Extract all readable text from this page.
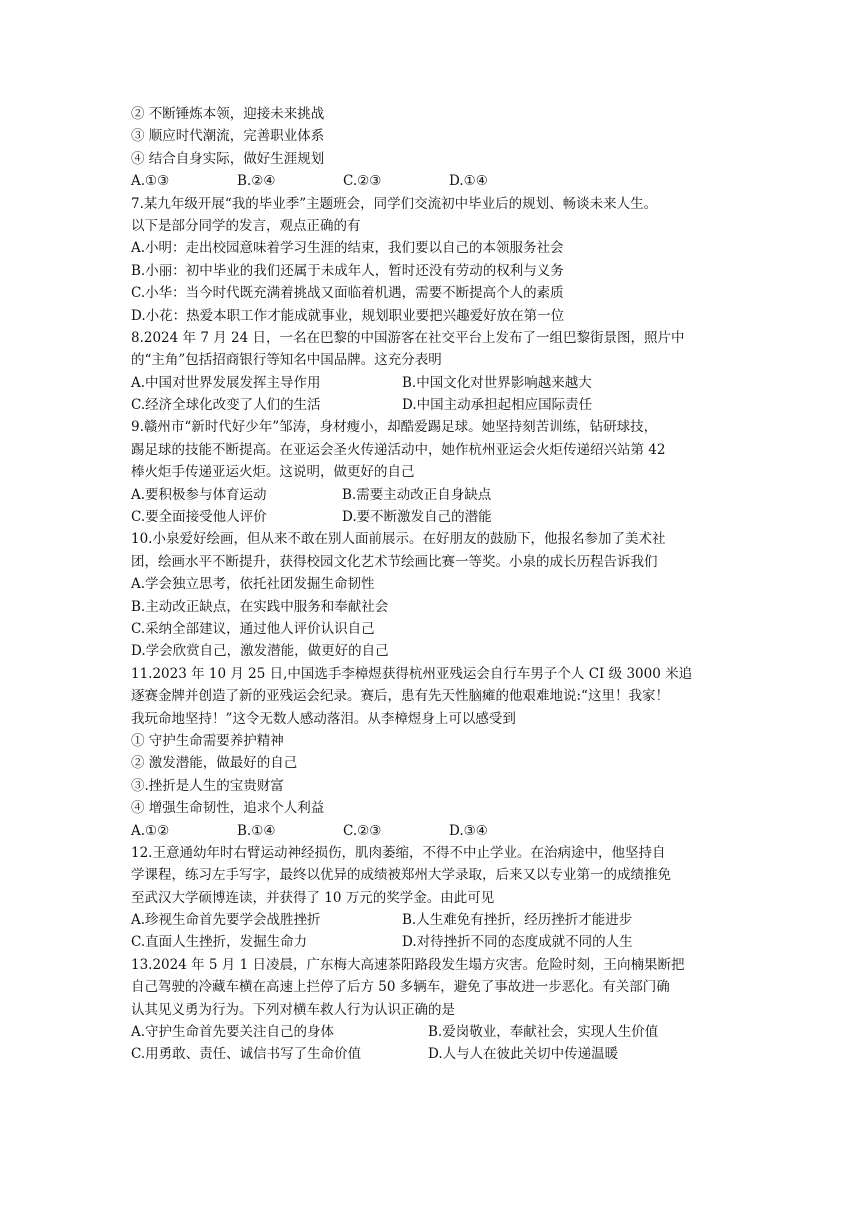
② 不断锤炼本领，迎接未来挑战
③ 顺应时代潮流，完善职业体系
④ 结合自身实际，做好生涯规划
A.①③	B.②④	C.②③	D.①④
7.某九年级开展“我的毕业季”主题班会，同学们交流初中毕业后的规划、畅谈未来人生。
以下是部分同学的发言，观点正确的有
A.小明：走出校园意味着学习生涯的结束，我们要以自己的本领服务社会
B.小丽：初中毕业的我们还属于未成年人，暂时还没有劳动的权利与义务
C.小华：当今时代既充满着挑战又面临着机遇，需要不断提高个人的素质
D.小花：热爱本职工作才能成就事业，规划职业要把兴趣爱好放在第一位
8.2024 年 7 月 24 日，一名在巴黎的中国游客在社交平台上发布了一组巴黎街景图，照片中
的“主角”包括招商银行等知名中国品牌。这充分表明
A.中国对世界发展发挥主导作用	B.中国文化对世界影响越来越大
C.经济全球化改变了人们的生活	D.中国主动承担起相应国际责任
9.赣州市“新时代好少年”邹涛，身材瘦小，却酷爱踢足球。她坚持刻苦训练，钻研球技，
踢足球的技能不断提高。在亚运会圣火传递活动中，她作杭州亚运会火炬传递绍兴站第 42
棒火炬手传递亚运火炬。这说明，做更好的自己
A.要积极参与体育运动	B.需要主动改正自身缺点
C.要全面接受他人评价	D.要不断激发自己的潜能
10.小泉爱好绘画，但从来不敢在别人面前展示。在好朋友的鼓励下，他报名参加了美术社
团，绘画水平不断提升，获得校园文化艺术节绘画比赛一等奖。小泉的成长历程告诉我们
A.学会独立思考，依托社团发掘生命韧性
B.主动改正缺点，在实践中服务和奉献社会
C.采纳全部建议，通过他人评价认识自己
D.学会欣赏自己，激发潜能，做更好的自己
11.2023 年 10 月 25 日,中国选手李樟煜获得杭州亚残运会自行车男子个人 CI 级 3000 米追
逐赛金牌并创造了新的亚残运会纪录。赛后，患有先天性脑瘫的他艰难地说:“这里！我家！
我玩命地坚持！”这令无数人感动落泪。从李樟煜身上可以感受到
① 守护生命需要养护精神
② 激发潜能，做最好的自己
③.挫折是人生的宝贵财富
④ 增强生命韧性，追求个人利益
A.①②	B.①④	C.②③	D.③④
12.王意通幼年时右臂运动神经损伤，肌肉萎缩，不得不中止学业。在治病途中，他坚持自
学课程，练习左手写字，最终以优异的成绩被郑州大学录取，后来又以专业第一的成绩推免
至武汉大学硕博连读，并获得了 10 万元的奖学金。由此可见
A.珍视生命首先要学会战胜挫折	B.人生难免有挫折，经历挫折才能进步
C.直面人生挫折，发掘生命力	D.对待挫折不同的态度成就不同的人生
13.2024 年 5 月 1 日凌晨，广东梅大高速茶阳路段发生塌方灾害。危险时刻，王向楠果断把
自己驾驶的冷藏车横在高速上拦停了后方 50 多辆车，避免了事故进一步恶化。有关部门确
认其见义勇为行为。下列对横车救人行为认识正确的是
A.守护生命首先要关注自己的身体	B.爱岗敬业，奉献社会，实现人生价值
C.用勇敢、责任、诚信书写了生命价值	D.人与人在彼此关切中传递温暖
